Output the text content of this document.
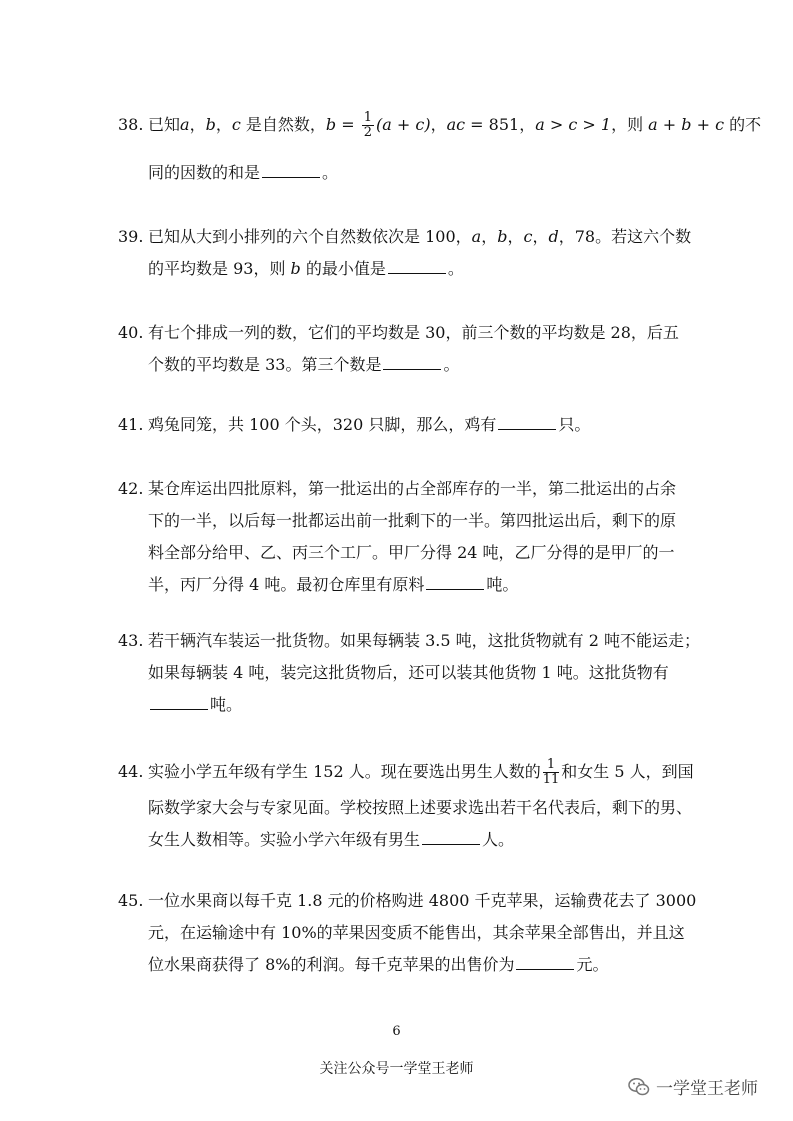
38. 已知a，b，c 是自然数，$b = \frac{1}{2} (a + c)$，ac = 851，a > c > 1，则 a + b + c 的不
同的因数的和是	。
39. 已知从大到小排列的六个自然数依次是 100，a，b，c，d，78。若这六个数
的平均数是 93，则 b 的最小值是	。
40. 有七个排成一列的数，它们的平均数是 30，前三个数的平均数是 28，后五
个数的平均数是 33。第三个数是	。
41. 鸡兔同笼，共 100 个头，320 只脚，那么，鸡有	只。
42. 某仓库运出四批原料，第一批运出的占全部库存的一半，第二批运出的占余
下的一半，以后每一批都运出前一批剩下的一半。第四批运出后，剩下的原
料全部分给甲、乙、丙三个工厂。甲厂分得 24 吨，乙厂分得的是甲厂的一
半，丙厂分得 4 吨。最初仓库里有原料	吨。
43. 若干辆汽车装运一批货物。如果每辆装 3.5 吨，这批货物就有 2 吨不能运走；
如果每辆装 4 吨，装完这批货物后，还可以装其他货物 1 吨。这批货物有
吨。
44. 实验小学五年级有学生 152 人。现在要选出男生人数的 $\frac{1}{11}$ 和女生 5 人，到国
际数学家大会与专家见面。学校按照上述要求选出若干名代表后，剩下的男、
女生人数相等。实验小学六年级有男生	人。
45. 一位水果商以每千克 1.8 元的价格购进 4800 千克苹果，运输费花去了 3000
元，在运输途中有 10%的苹果因变质不能售出，其余苹果全部售出，并且这
位水果商获得了 8%的利润。每千克苹果的出售价为	元。
6
关注公众号一学堂王老师
一学堂王老师
